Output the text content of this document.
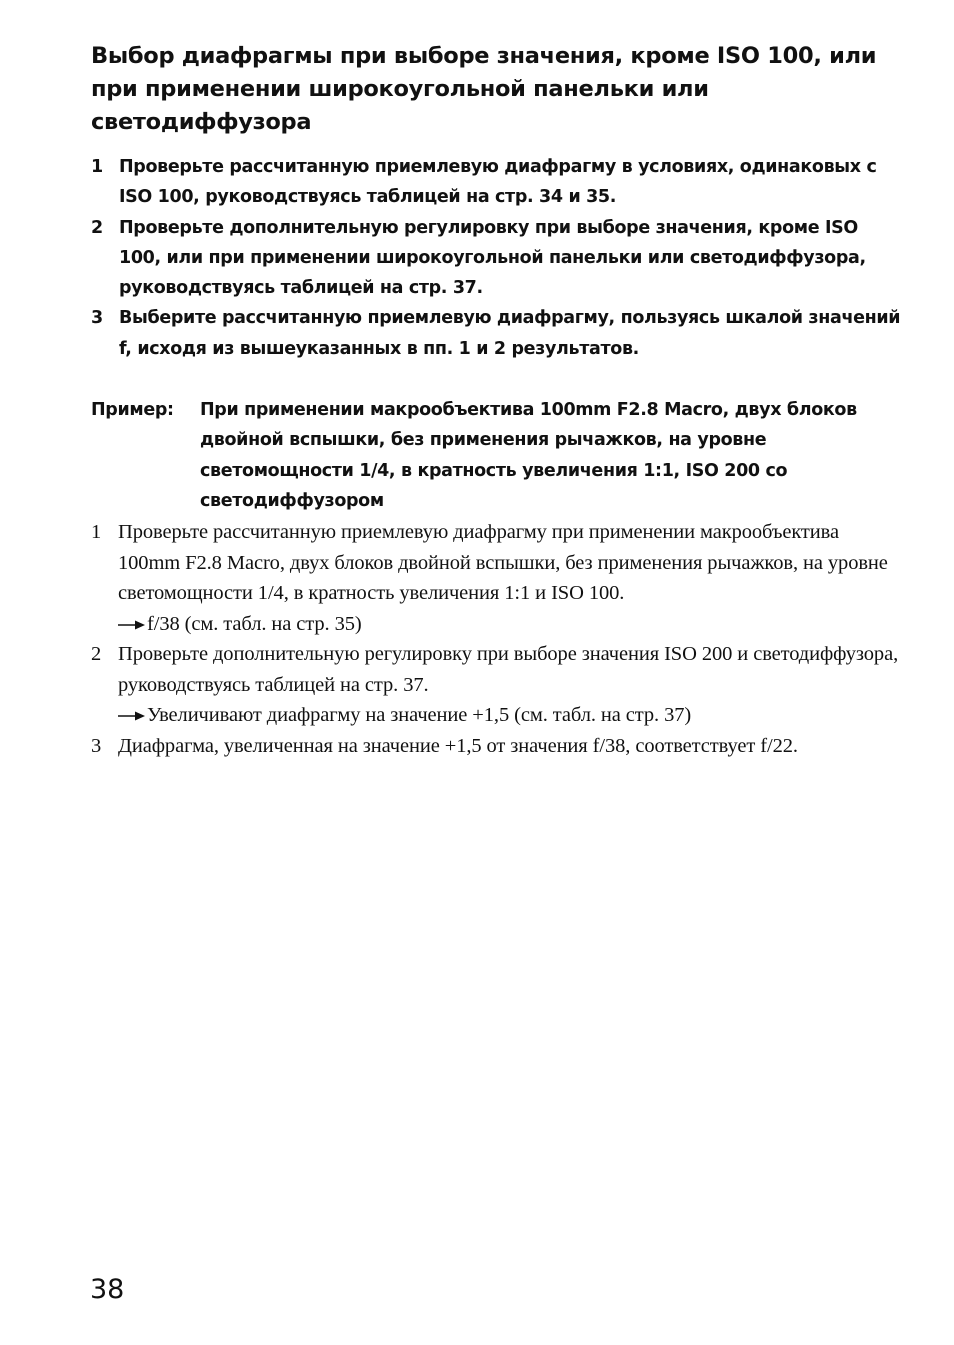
Выбор диафрагмы при выборе значения, кроме ISO 100, или при применении широкоугольной панельки или светодиффузора
1 Проверьте рассчитанную приемлевую диафрагму в условиях, одинаковых с ISO 100, руководствуясь таблицей на стр. 34 и 35.
2 Проверьте дополнительную регулировку при выборе значения, кроме ISO 100, или при применении широкоугольной панельки или светодиффузора, руководствуясь таблицей на стр. 37.
3 Выберите рассчитанную приемлевую диафрагму, пользуясь шкалой значений f, исходя из вышеуказанных в пп. 1 и 2 результатов.
Пример: При применении макрообъектива 100mm F2.8 Macro, двух блоков двойной вспышки, без применения рычажков, на уровне светомощности 1/4, в кратность увеличения 1:1, ISO 200 со светодиффузором
1 Проверьте рассчитанную приемлевую диафрагму при применении макрообъектива 100mm F2.8 Macro, двух блоков двойной вспышки, без применения рычажков, на уровне светомощности 1/4, в кратность увеличения 1:1 и ISO 100.

f/38 (см. табл. на стр. 35)
2 Проверьте дополнительную регулировку при выборе значения ISO 200 и светодиффузора, руководствуясь таблицей на стр. 37.

Увеличивают диафрагму на значение +1,5 (см. табл. на стр. 37)
3 Диафрагма, увеличенная на значение +1,5 от значения f/38, соответствует f/22.
38
